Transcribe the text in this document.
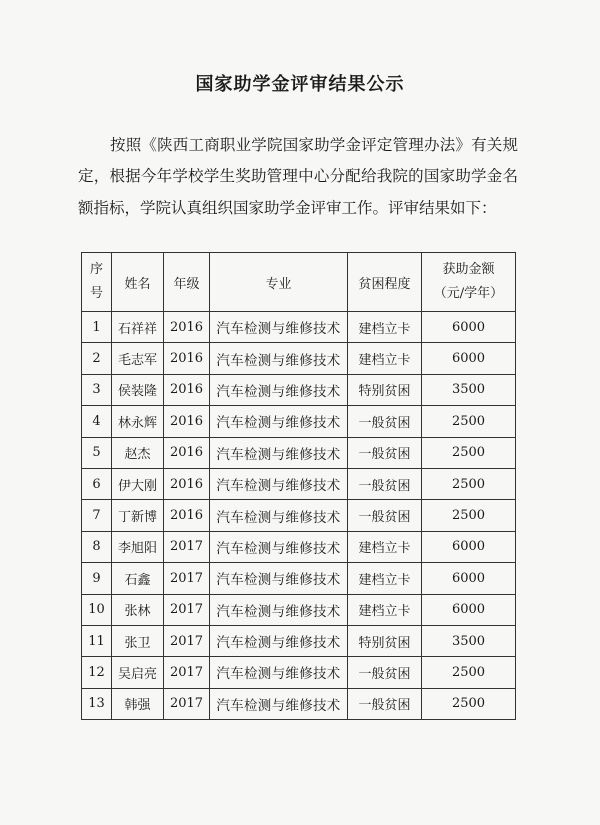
国家助学金评审结果公示

按照《陕西工商职业学院国家助学金评定管理办法》有关规定，根据今年学校学生奖助管理中心分配给我院的国家助学金名额指标，学院认真组织国家助学金评审工作。评审结果如下：

序
号	姓名	年级	专业	贫困程度	获助金额
（元/学年）

1	石祥祥	2016	汽车检测与维修技术	建档立卡	6000
2	毛志军	2016	汽车检测与维修技术	建档立卡	6000
3	侯装隆	2016	汽车检测与维修技术	特别贫困	3500
4	林永辉	2016	汽车检测与维修技术	一般贫困	2500
5	赵杰	2016	汽车检测与维修技术	一般贫困	2500
6	伊大刚	2016	汽车检测与维修技术	一般贫困	2500
7	丁新博	2016	汽车检测与维修技术	一般贫困	2500
8	李旭阳	2017	汽车检测与维修技术	建档立卡	6000
9	石鑫	2017	汽车检测与维修技术	建档立卡	6000
10	张林	2017	汽车检测与维修技术	建档立卡	6000
11	张卫	2017	汽车检测与维修技术	特别贫困	3500
12	吴启亮	2017	汽车检测与维修技术	一般贫困	2500
13	韩强	2017	汽车检测与维修技术	一般贫困	2500
